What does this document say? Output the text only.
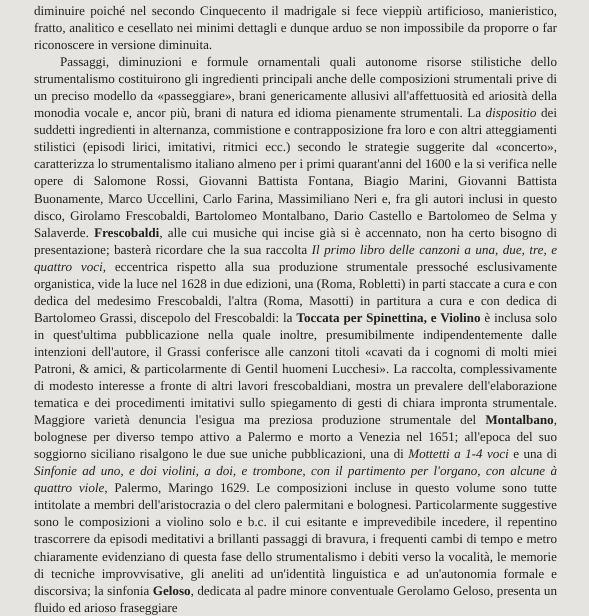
diminuire poiché nel secondo Cinquecento il madrigale si fece vieppiù artificioso, manieristico, fratto, analitico e cesellato nei minimi dettagli e dunque arduo se non impossibile da proporre o far riconoscere in versione diminuita.

Passaggi, diminuzioni e formule ornamentali quali autonome risorse stilistiche dello strumentalismo costituirono gli ingredienti principali anche delle composizioni strumentali prive di un preciso modello da «passeggiare», brani genericamente allusivi all'affettuosità ed ariosità della monodia vocale e, ancor più, brani di natura ed idioma pienamente strumentali. La dispositio dei suddetti ingredienti in alternanza, commistione e contrapposizione fra loro e con altri atteggiamenti stilistici (episodi lirici, imitativi, ritmici ecc.) secondo le strategie suggerite dal «concerto», caratterizza lo strumentalismo italiano almeno per i primi quarant'anni del 1600 e la si verifica nelle opere di Salomone Rossi, Giovanni Battista Fontana, Biagio Marini, Giovanni Battista Buonamente, Marco Uccellini, Carlo Farina, Massimiliano Neri e, fra gli autori inclusi in questo disco, Girolamo Frescobaldi, Bartolomeo Montalbano, Dario Castello e Bartolomeo de Selma y Salaverde. Frescobaldi, alle cui musiche qui incise già si è accennato, non ha certo bisogno di presentazione; basterà ricordare che la sua raccolta Il primo libro delle canzoni a una, due, tre, e quattro voci, eccentrica rispetto alla sua produzione strumentale pressoché esclusivamente organistica, vide la luce nel 1628 in due edizioni, una (Roma, Robletti) in parti staccate a cura e con dedica del medesimo Frescobaldi, l'altra (Roma, Masotti) in partitura a cura e con dedica di Bartolomeo Grassi, discepolo del Frescobaldi: la Toccata per Spinettina, e Violino è inclusa solo in quest'ultima pubblicazione nella quale inoltre, presumibilmente indipendentemente dalle intenzioni dell'autore, il Grassi conferisce alle canzoni titoli «cavati da i cognomi di molti miei Patroni, & amici, & particolarmente di Gentil huomeni Lucchesi». La raccolta, complessivamente di modesto interesse a fronte di altri lavori frescobaldiani, mostra un prevalere dell'elaborazione tematica e dei procedimenti imitativi sullo spiegamento di gesti di chiara impronta strumentale. Maggiore varietà denuncia l'esigua ma preziosa produzione strumentale del Montalbano, bolognese per diverso tempo attivo a Palermo e morto a Venezia nel 1651; all'epoca del suo soggiorno siciliano risalgono le due sue uniche pubblicazioni, una di Mottetti a 1-4 voci e una di Sinfonie ad uno, e doi violini, a doi, e trombone, con il partimento per l'organo, con alcune à quattro viole, Palermo, Maringo 1629. Le composizioni incluse in questo volume sono tutte intitolate a membri dell'aristocrazia o del clero palermitani e bolognesi. Particolarmente suggestive sono le composizioni a violino solo e b.c. il cui esitante e imprevedibile incedere, il repentino trascorrere da episodi meditativi a brillanti passaggi di bravura, i frequenti cambi di tempo e metro chiaramente evidenziano di questa fase dello strumentalismo i debiti verso la vocalità, le memorie di tecniche improvvisative, gli aneliti ad un'identità linguistica e ad un'autonomia formale e discorsiva; la sinfonia Geloso, dedicata al padre minore conventuale Gerolamo Geloso, presenta un fluido ed arioso fraseggiare
